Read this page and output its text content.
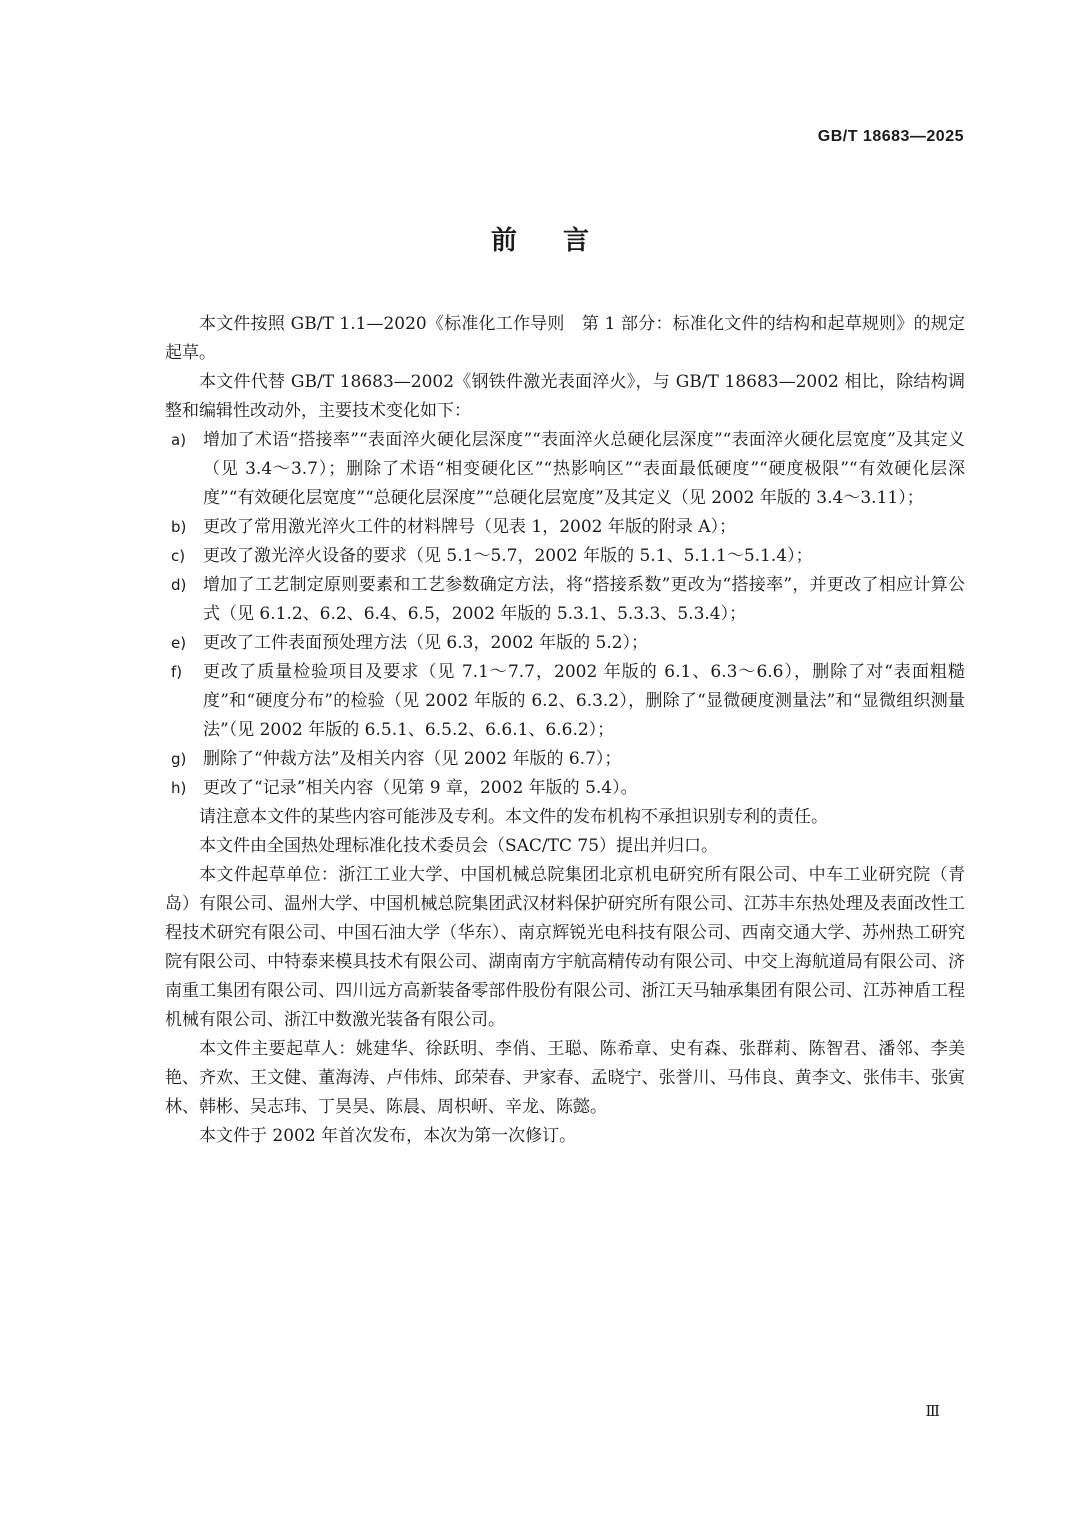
GB/T 18683—2025
前言

本文件按照 GB/T 1.1—2020《标准化工作导则　第 1 部分：标准化文件的结构和起草规则》的规定起草。

本文件代替 GB/T 18683—2002《钢铁件激光表面淬火》，与 GB/T 18683—2002 相比，除结构调整和编辑性改动外，主要技术变化如下：

a) 增加了术语“搭接率”“表面淬火硬化层深度”“表面淬火总硬化层深度”“表面淬火硬化层宽度”及其定义（见 3.4～3.7）；删除了术语“相变硬化区”“热影响区”“表面最低硬度”“硬度极限”“有效硬化层深度”“有效硬化层宽度”“总硬化层深度”“总硬化层宽度”及其定义（见 2002 年版的 3.4～3.11）；
b) 更改了常用激光淬火工件的材料牌号（见表 1，2002 年版的附录 A）；
c)	更改了激光淬火设备的要求（见 5.1～5.7，2002 年版的 5.1、5.1.1～5.1.4）；
d) 增加了工艺制定原则要素和工艺参数确定方法，将“搭接系数”更改为“搭接率”，并更改了相应计算公式（见 6.1.2、6.2、6.4、6.5，2002 年版的 5.3.1、5.3.3、5.3.4）；
e) 更改了工件表面预处理方法（见 6.3，2002 年版的 5.2）；
f)	更改了质量检验项目及要求（见 7.1～7.7，2002 年版的 6.1、6.3～6.6），删除了对“表面粗糙度”和“硬度分布”的检验（见 2002 年版的 6.2、6.3.2），删除了“显微硬度测量法”和“显微组织测量法”（见 2002 年版的 6.5.1、6.5.2、6.6.1、6.6.2）；
g) 删除了“仲裁方法”及相关内容（见 2002 年版的 6.7）；
h) 更改了“记录”相关内容（见第 9 章，2002 年版的 5.4）。

请注意本文件的某些内容可能涉及专利。本文件的发布机构不承担识别专利的责任。

本文件由全国热处理标准化技术委员会（SAC/TC 75）提出并归口。

本文件起草单位：浙江工业大学、中国机械总院集团北京机电研究所有限公司、中车工业研究院（青岛）有限公司、温州大学、中国机械总院集团武汉材料保护研究所有限公司、江苏丰东热处理及表面改性工程技术研究有限公司、中国石油大学（华东）、南京辉锐光电科技有限公司、西南交通大学、苏州热工研究院有限公司、中特泰来模具技术有限公司、湖南南方宇航高精传动有限公司、中交上海航道局有限公司、济南重工集团有限公司、四川远方高新装备零部件股份有限公司、浙江天马轴承集团有限公司、江苏神盾工程机械有限公司、浙江中数激光装备有限公司。

本文件主要起草人：姚建华、徐跃明、李俏、王聪、陈希章、史有森、张群莉、陈智君、潘邻、李美艳、齐欢、王文健、董海涛、卢伟炜、邱荣春、尹家春、孟晓宁、张誉川、马伟良、黄李文、张伟丰、张寅林、韩彬、吴志玮、丁昊昊、陈晨、周枳岍、辛龙、陈懿。

本文件于 2002 年首次发布，本次为第一次修订。

Ⅲ
